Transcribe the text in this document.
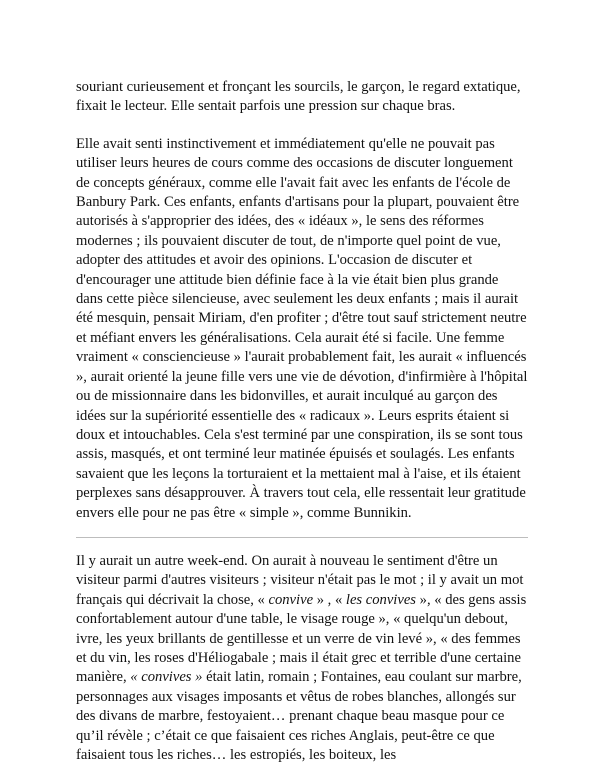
souriant curieusement et fronçant les sourcils, le garçon, le regard extatique, fixait le lecteur. Elle sentait parfois une pression sur chaque bras.

Elle avait senti instinctivement et immédiatement qu'elle ne pouvait pas utiliser leurs heures de cours comme des occasions de discuter longuement de concepts généraux, comme elle l'avait fait avec les enfants de l'école de Banbury Park. Ces enfants, enfants d'artisans pour la plupart, pouvaient être autorisés à s'approprier des idées, des « idéaux », le sens des réformes modernes ; ils pouvaient discuter de tout, de n'importe quel point de vue, adopter des attitudes et avoir des opinions. L'occasion de discuter et d'encourager une attitude bien définie face à la vie était bien plus grande dans cette pièce silencieuse, avec seulement les deux enfants ; mais il aurait été mesquin, pensait Miriam, d'en profiter ; d'être tout sauf strictement neutre et méfiant envers les généralisations. Cela aurait été si facile. Une femme vraiment « consciencieuse » l'aurait probablement fait, les aurait « influencés », aurait orienté la jeune fille vers une vie de dévotion, d'infirmière à l'hôpital ou de missionnaire dans les bidonvilles, et aurait inculqué au garçon des idées sur la supériorité essentielle des « radicaux ». Leurs esprits étaient si doux et intouchables. Cela s'est terminé par une conspiration, ils se sont tous assis, masqués, et ont terminé leur matinée épuisés et soulagés. Les enfants savaient que les leçons la torturaient et la mettaient mal à l'aise, et ils étaient perplexes sans désapprouver. À travers tout cela, elle ressentait leur gratitude envers elle pour ne pas être « simple », comme Bunnikin.

Il y aurait un autre week-end. On aurait à nouveau le sentiment d'être un visiteur parmi d'autres visiteurs ; visiteur n'était pas le mot ; il y avait un mot français qui décrivait la chose, « convive » , « les convives », « des gens assis confortablement autour d'une table, le visage rouge », « quelqu'un debout, ivre, les yeux brillants de gentillesse et un verre de vin levé », « des femmes et du vin, les roses d'Héliogabale ; mais il était grec et terrible d'une certaine manière, « convives » était latin, romain ; Fontaines, eau coulant sur marbre, personnages aux visages imposants et vêtus de robes blanches, allongés sur des divans de marbre, festoyaient… prenant chaque beau masque pour ce qu’il révèle ; c’était ce que faisaient ces riches Anglais, peut-être ce que faisaient tous les riches… les estropiés, les boiteux, les
